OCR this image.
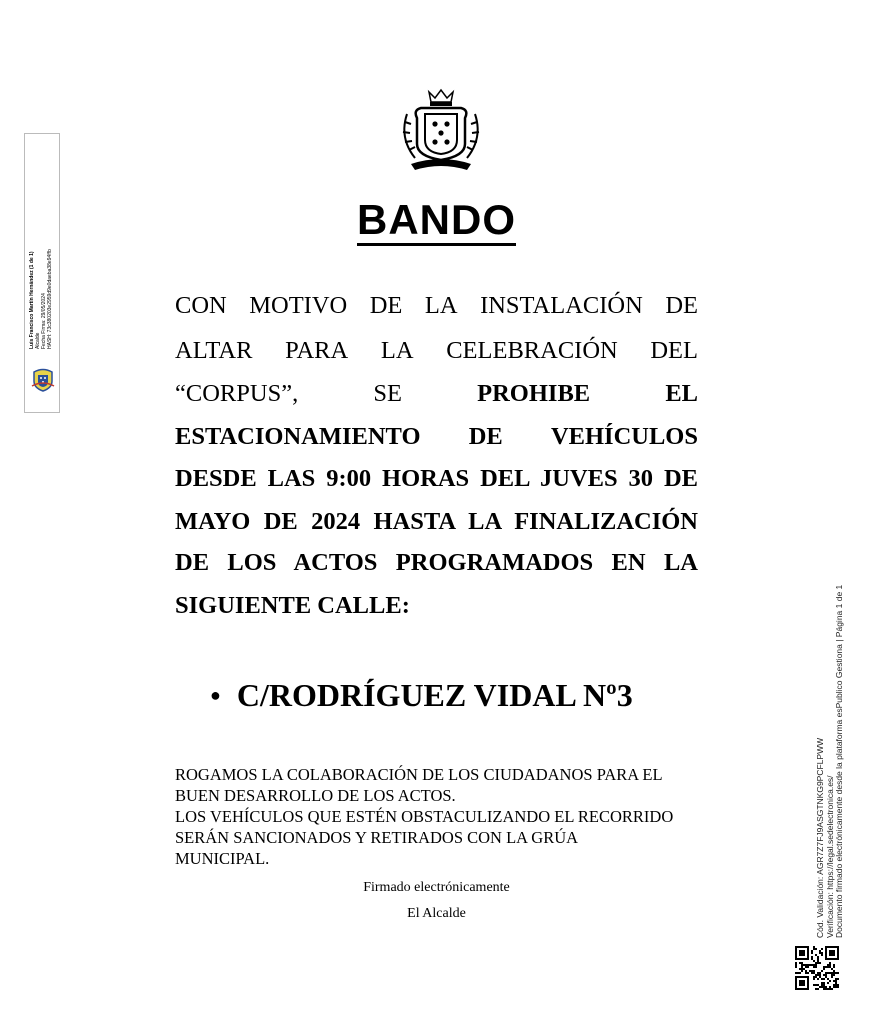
BANDO
CON MOTIVO DE LA INSTALACIÓN DE
ALTAR PARA LA CELEBRACIÓN DEL
“CORPUS”,	SE	PROHIBE	EL
ESTACIONAMIENTO DE VEHÍCULOS
DESDE LAS 9:00 HORAS DEL JUVES 30 DE
MAYO DE 2024 HASTA LA FINALIZACIÓN
DE LOS ACTOS PROGRAMADOS EN LA
SIGUIENTE CALLE:
● C/RODRÍGUEZ VIDAL Nº3
ROGAMOS LA COLABORACIÓN DE LOS CIUDADANOS PARA EL
BUEN DESARROLLO DE LOS ACTOS.
LOS VEHÍCULOS QUE ESTÉN OBSTACULIZANDO EL RECORRIDO
SERÁN SANCIONADOS Y RETIRADOS CON LA GRÚA
MUNICIPAL.
Firmado electrónicamente
El Alcalde
Luis Francisco Martín Hernández (1 de 1) Alcalde Fecha Firma: 29/05/2024 HASH: 73c380203e2959d9e0daeba38e94ffb
Cód. Validación: AGR7Z7FJ9ASGTNKG9PCFLPWW Verificación: https://legal.sedelectronica.es/ Documento firmado electrónicamente desde la plataforma esPublico Gestiona | Página 1 de 1
